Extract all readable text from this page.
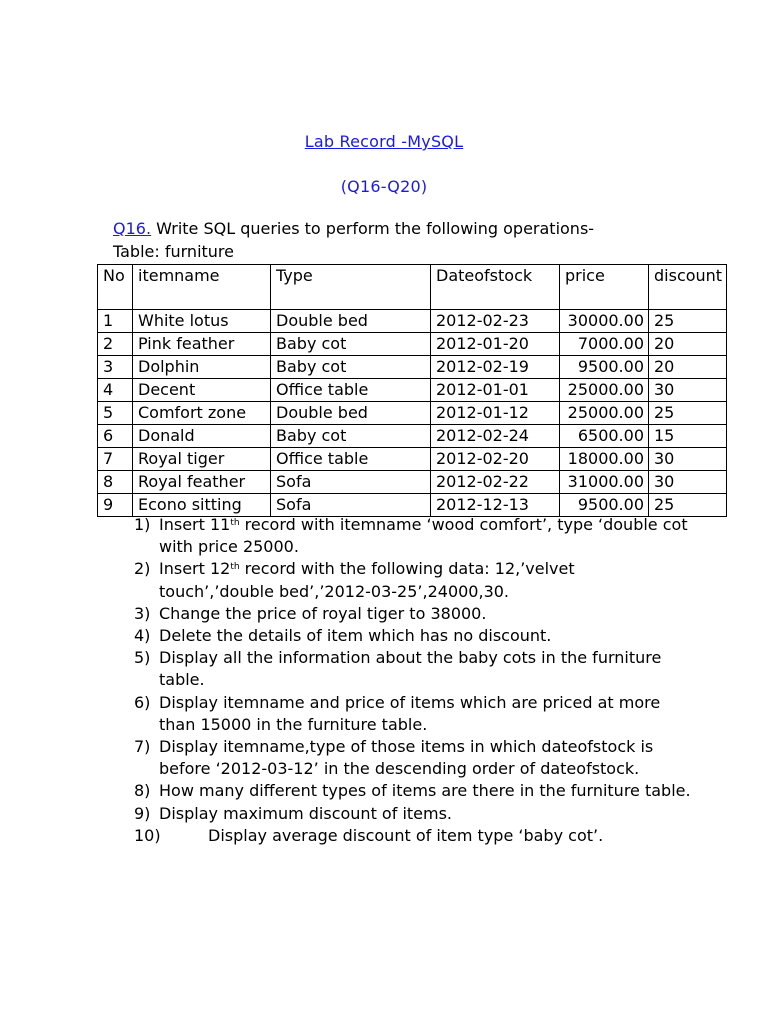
Lab Record -MySQL
(Q16-Q20)
Q16. Write SQL queries to perform the following operations-
Table: furniture
No	itemname	Type	Dateofstock	price	discount
1	White lotus	Double bed	2012-02-23	30000.00	25
2	Pink feather	Baby cot	2012-01-20	7000.00	20
3	Dolphin	Baby cot	2012-02-19	9500.00	20
4	Decent	Office table	2012-01-01	25000.00	30
5	Comfort zone	Double bed	2012-01-12	25000.00	25
6	Donald	Baby cot	2012-02-24	6500.00	15
7	Royal tiger	Office table	2012-02-20	18000.00	30
8	Royal feather	Sofa	2012-02-22	31000.00	30
9	Econo sitting	Sofa	2012-12-13	9500.00	25
1) Insert 11th record with itemname ‘wood comfort’, type ‘double cot with price 25000.
2) Insert 12th record with the following data: 12,’velvet touch’,’double bed’,’2012-03-25’,24000,30.
3) Change the price of royal tiger to 38000.
4) Delete the details of item which has no discount.
5) Display all the information about the baby cots in the furniture table.
6) Display itemname and price of items which are priced at more than 15000 in the furniture table.
7) Display itemname,type of those items in which dateofstock is before ‘2012-03-12’ in the descending order of dateofstock.
8) How many different types of items are there in the furniture table.
9) Display maximum discount of items.
10)	Display average discount of item type ‘baby cot’.
